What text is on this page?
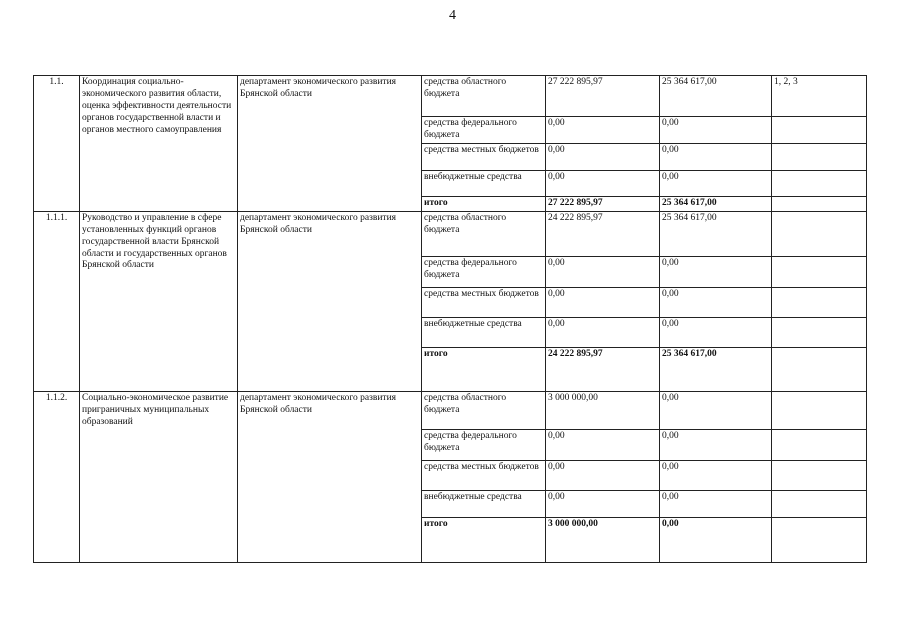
4
1.1.	Координация социально-экономического развития области, оценка эффективности деятельности органов государственной власти и органов местного самоуправления	департамент экономического развития Брянской области	средства областного бюджета	27 222 895,97	25 364 617,00	1, 2, 3
			средства федерального бюджета	0,00	0,00	
			средства местных бюджетов	0,00	0,00	
			внебюджетные средства	0,00	0,00	
			итого	27 222 895,97	25 364 617,00	
1.1.1.	Руководство и управление в сфере установленных функций органов государственной власти Брянской области и государственных органов Брянской области	департамент экономического развития Брянской области	средства областного бюджета	24 222 895,97	25 364 617,00	
			средства федерального бюджета	0,00	0,00	
			средства местных бюджетов	0,00	0,00	
			внебюджетные средства	0,00	0,00	
			итого	24 222 895,97	25 364 617,00	
1.1.2.	Социально-экономическое развитие приграничных муниципальных образований	департамент экономического развития Брянской области	средства областного бюджета	3 000 000,00	0,00	
			средства федерального бюджета	0,00	0,00	
			средства местных бюджетов	0,00	0,00	
			внебюджетные средства	0,00	0,00	
			итого	3 000 000,00	0,00	
